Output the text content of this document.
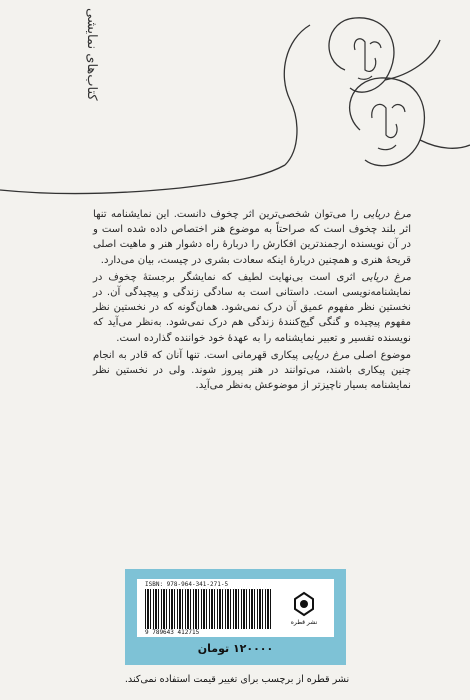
کتاب‌های نمایشی

مرغ دریایی را می‌توان شخصی‌ترین اثر چخوف دانست. این نمایشنامه تنها اثر بلند چخوف است که صراحتاً به موضوع هنر اختصاص داده شده است و در آن نویسنده ارجمندترین افکارش را دربارهٔ راه دشوار هنر و ماهیت اصلی قریحهٔ هنری و همچنین دربارهٔ اینکه سعادت بشری در چیست، بیان می‌دارد.

مرغ دریایی اثری است بی‌نهایت لطیف که نمایشگر برجستهٔ چخوف در نمایشنامه‌نویسی است. داستانی است به سادگی زندگی و پیچیدگی آن. در نخستین نظر مفهوم عمیق آن درک نمی‌شود. همان‌گونه که در نخستین نظر مفهوم پیچیده و گنگی گیج‌کنندهٔ زندگی هم درک نمی‌شود. به‌نظر می‌آید که نویسنده تفسیر و تعبیر نمایشنامه را به عهدهٔ خود خواننده گذارده است.

موضوع اصلی مرغ دریایی پیکاری قهرمانی است. تنها آنان که قادر به انجام چنین پیکاری باشند، می‌توانند در هنر پیروز شوند. ولی در نخستین نظر نمایشنامه بسیار ناچیزتر از موضوعش به‌نظر می‌آید.

ISBN: 978-964-341-271-5
9 789643 412715
نشر قطره
۱۲۰۰۰۰ تومان
نشر قطره از برچسب برای تغییر قیمت استفاده نمی‌کند.
